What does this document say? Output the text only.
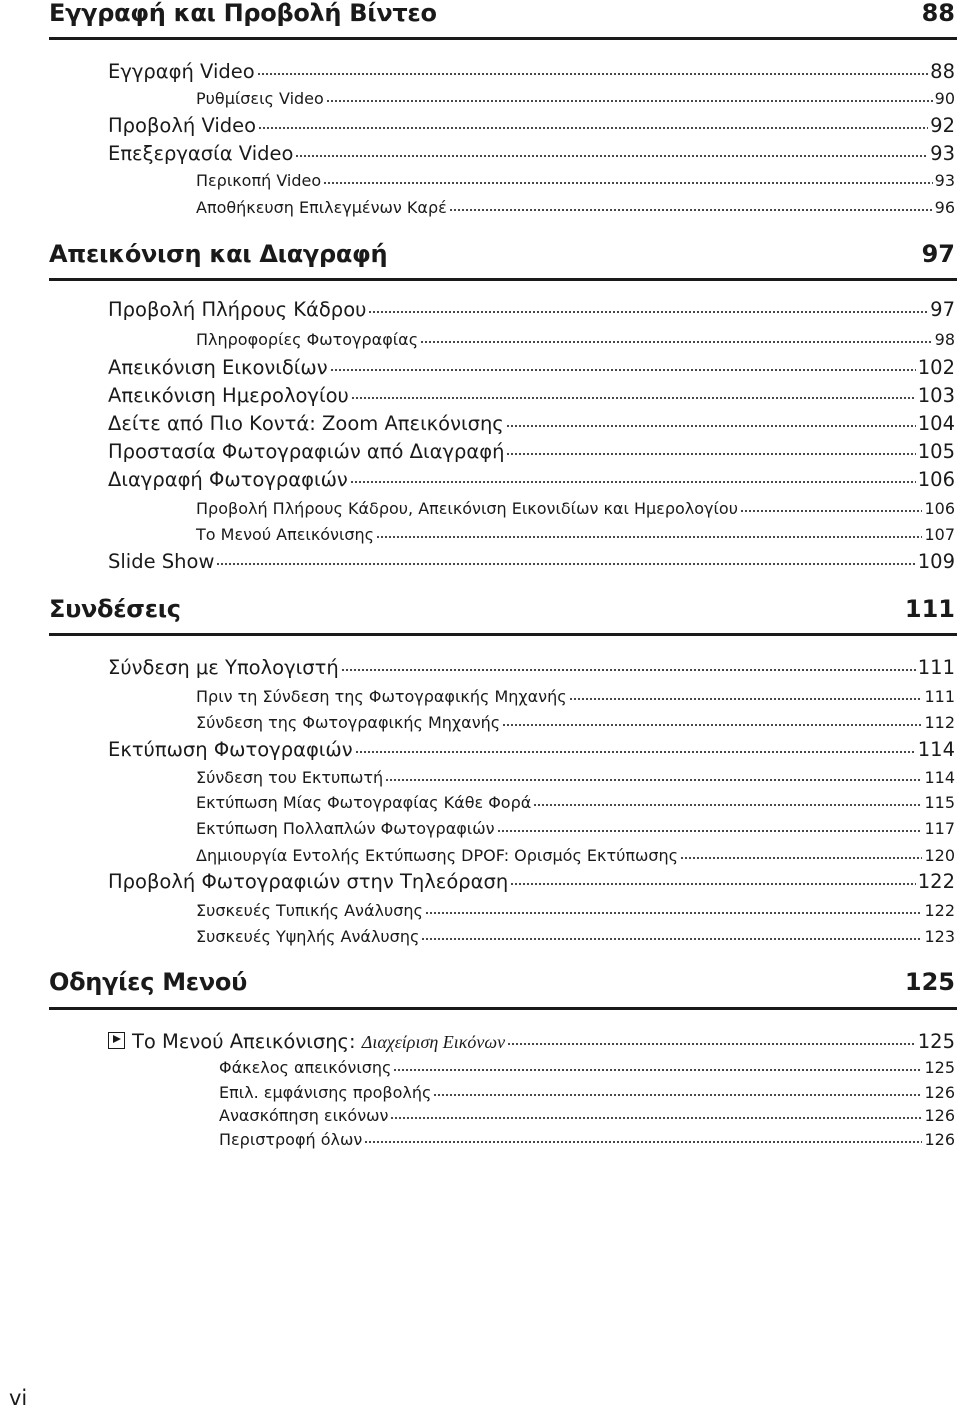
Εγγραφή και Προβολή Βίντεο	88
Εγγραφή Video	88
Ρυθμίσεις Video	90
Προβολή Video	92
Επεξεργασία Video	93
Περικοπή Video	93
Αποθήκευση Επιλεγμένων Καρέ	96
Απεικόνιση και Διαγραφή	97
Προβολή Πλήρους Κάδρου	97
Πληροφορίες Φωτογραφίας	98
Απεικόνιση Εικονιδίων	102
Απεικόνιση Ημερολογίου	103
Δείτε από Πιο Κοντά: Zoom Απεικόνισης	104
Προστασία Φωτογραφιών από Διαγραφή	105
Διαγραφή Φωτογραφιών	106
Προβολή Πλήρους Κάδρου, Απεικόνιση Εικονιδίων και Ημερολογίου	106
Το Μενού Απεικόνισης	107
Slide Show	109
Συνδέσεις	111
Σύνδεση με Υπολογιστή	111
Πριν τη Σύνδεση της Φωτογραφικής Μηχανής	111
Σύνδεση της Φωτογραφικής Μηχανής	112
Εκτύπωση Φωτογραφιών	114
Σύνδεση του Εκτυπωτή	114
Εκτύπωση Μίας Φωτογραφίας Κάθε Φορά	115
Εκτύπωση Πολλαπλών Φωτογραφιών	117
Δημιουργία Εντολής Εκτύπωσης DPOF: Ορισμός Εκτύπωσης	120
Προβολή Φωτογραφιών στην Τηλεόραση	122
Συσκευές Τυπικής Ανάλυσης	122
Συσκευές Υψηλής Ανάλυσης	123
Οδηγίες Μενού	125
Το Μενού Απεικόνισης: Διαχείριση Εικόνων	125
Φάκελος απεικόνισης	125
Επιλ. εμφάνισης προβολής	126
Ανασκόπηση εικόνων	126
Περιστροφή όλων	126
vi
